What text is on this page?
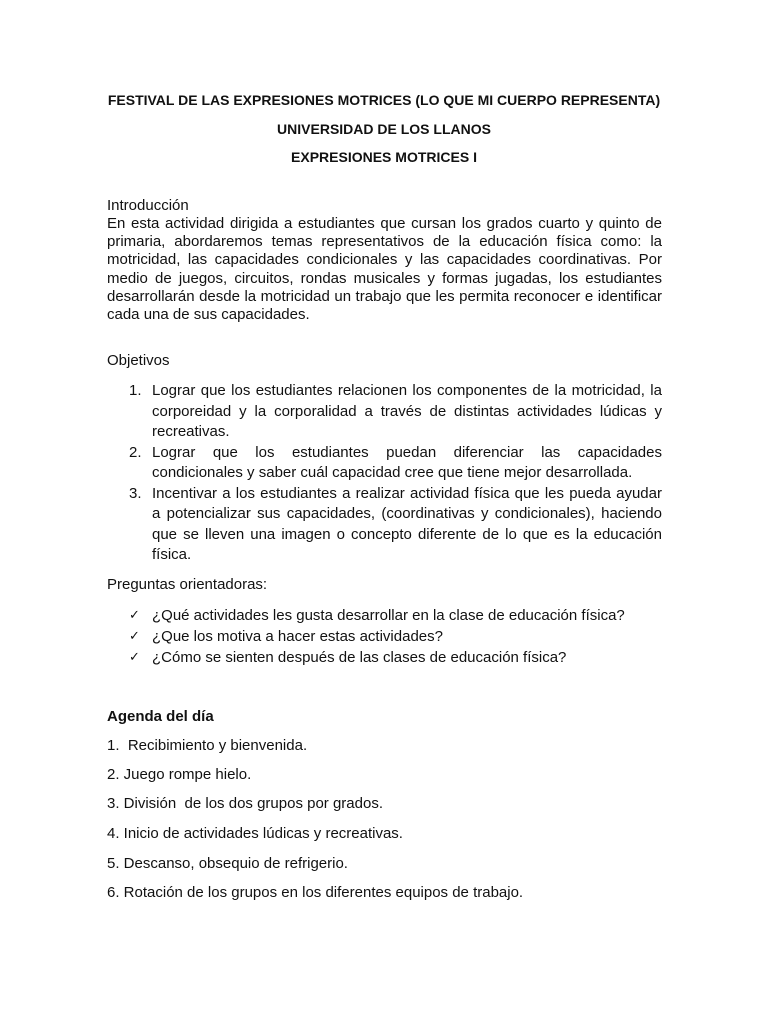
FESTIVAL DE LAS EXPRESIONES MOTRICES (LO QUE MI CUERPO REPRESENTA)
UNIVERSIDAD DE LOS LLANOS
EXPRESIONES MOTRICES I
Introducción
En esta actividad dirigida a estudiantes que cursan los grados cuarto y quinto de
primaria, abordaremos temas representativos de la educación física como: la
motricidad, las capacidades condicionales y las capacidades coordinativas. Por
medio de juegos, circuitos, rondas musicales y formas jugadas, los estudiantes
desarrollarán desde la motricidad un trabajo que les permita reconocer e identificar
cada una de sus capacidades.
Objetivos
1. Lograr que los estudiantes relacionen los componentes de la motricidad, la
corporeidad y la corporalidad a través de distintas actividades lúdicas y
recreativas.
2. Lograr que los estudiantes puedan diferenciar las capacidades
condicionales y saber cuál capacidad cree que tiene mejor desarrollada.
3. Incentivar a los estudiantes a realizar actividad física que les pueda ayudar
a potencializar sus capacidades, (coordinativas y condicionales), haciendo
que se lleven una imagen o concepto diferente de lo que es la educación
física.
Preguntas orientadoras:
✓ ¿Qué actividades les gusta desarrollar en la clase de educación física?
✓ ¿Que los motiva a hacer estas actividades?
✓ ¿Cómo se sienten después de las clases de educación física?
Agenda del día
1.  Recibimiento y bienvenida.
2. Juego rompe hielo.
3. División  de los dos grupos por grados.
4. Inicio de actividades lúdicas y recreativas.
5. Descanso, obsequio de refrigerio.
6. Rotación de los grupos en los diferentes equipos de trabajo.
